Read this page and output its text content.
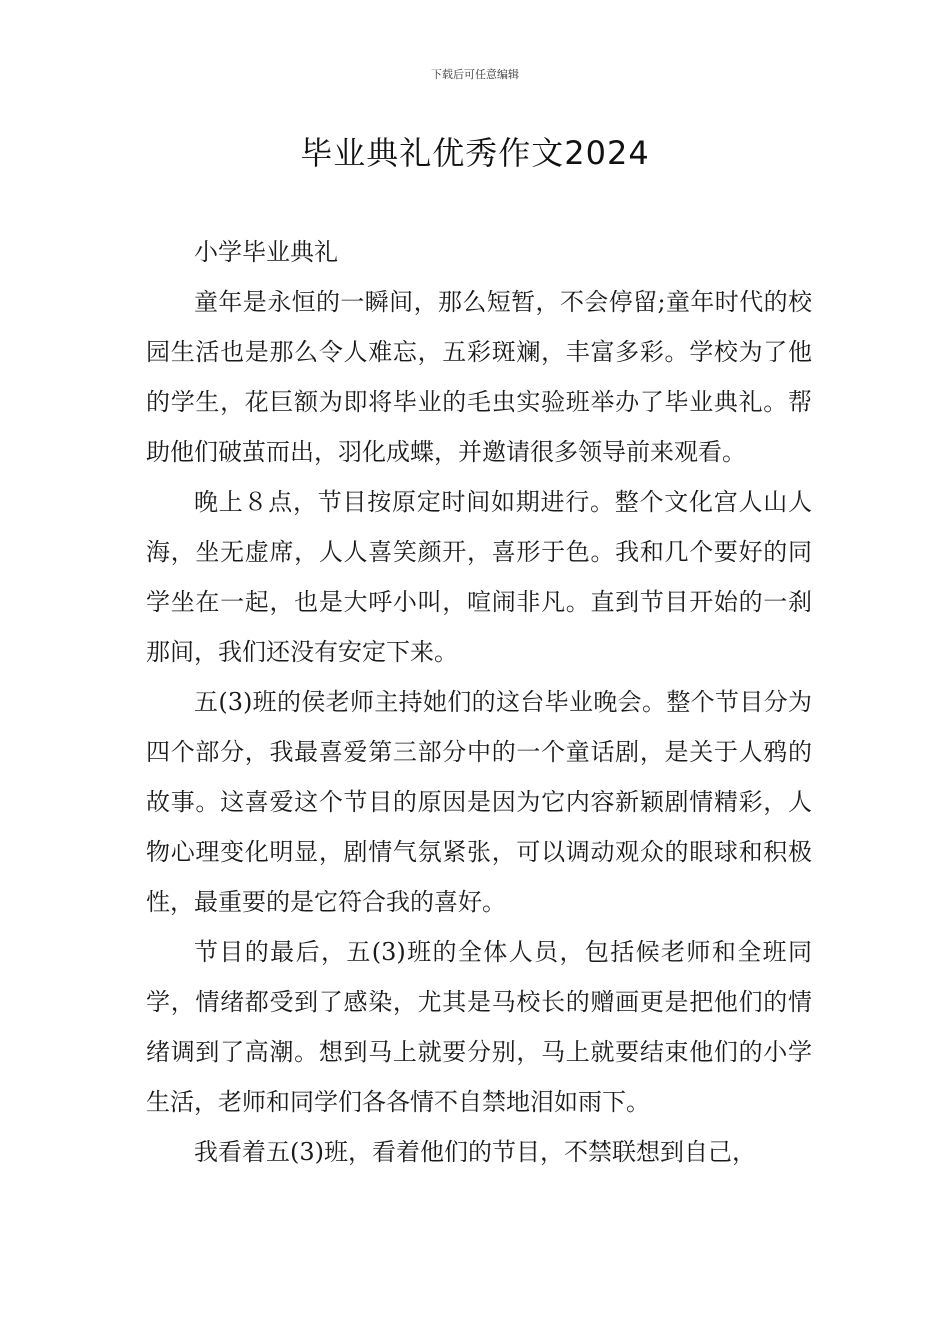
下载后可任意编辑
毕业典礼优秀作文2024

小学毕业典礼

童年是永恒的一瞬间，那么短暂，不会停留;童年时代的校园生活也是那么令人难忘，五彩斑斓，丰富多彩。学校为了他的学生，花巨额为即将毕业的毛虫实验班举办了毕业典礼。帮助他们破茧而出，羽化成蝶，并邀请很多领导前来观看。

晚上８点，节目按原定时间如期进行。整个文化宫人山人海，坐无虚席，人人喜笑颜开，喜形于色。我和几个要好的同学坐在一起，也是大呼小叫，喧闹非凡。直到节目开始的一刹那间，我们还没有安定下来。

五(3)班的侯老师主持她们的这台毕业晚会。整个节目分为四个部分，我最喜爱第三部分中的一个童话剧，是关于人鸦的故事。这喜爱这个节目的原因是因为它内容新颖剧情精彩，人物心理变化明显，剧情气氛紧张，可以调动观众的眼球和积极性，最重要的是它符合我的喜好。

节目的最后，五(3)班的全体人员，包括候老师和全班同学，情绪都受到了感染，尤其是马校长的赠画更是把他们的情绪调到了高潮。想到马上就要分别，马上就要结束他们的小学生活，老师和同学们各各情不自禁地泪如雨下。

我看着五(3)班，看着他们的节目，不禁联想到自己，
